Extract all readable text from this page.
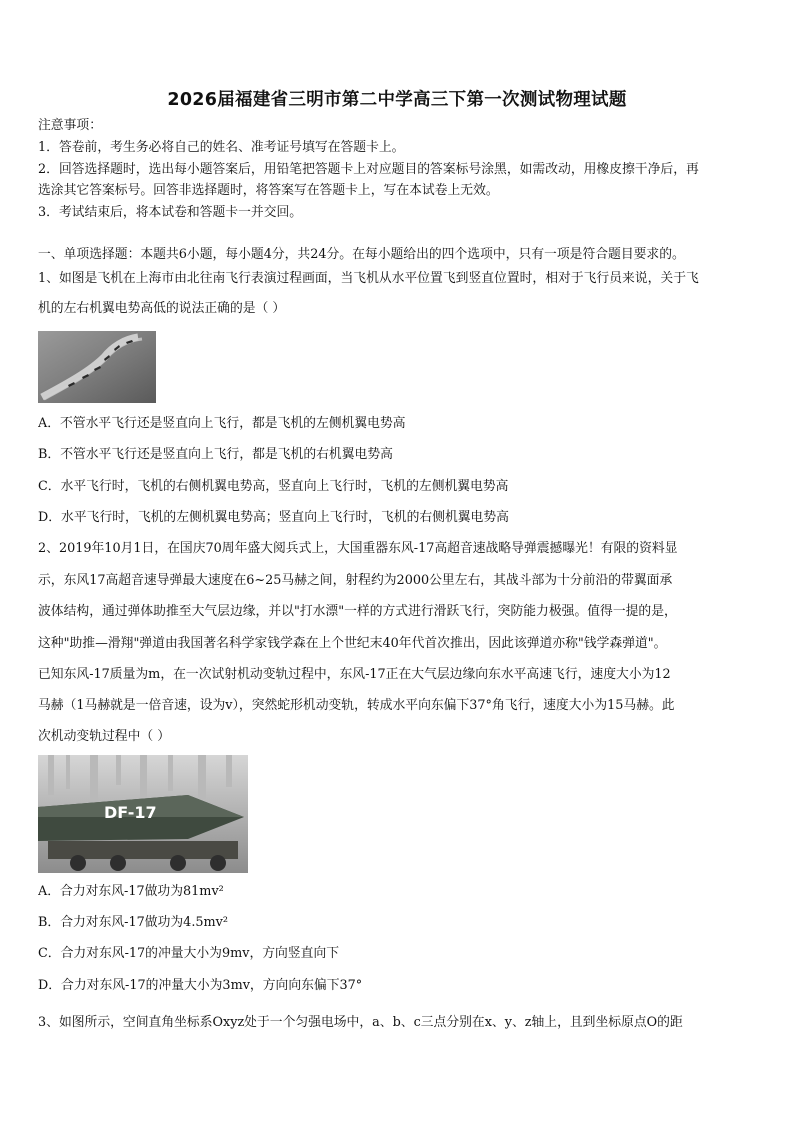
2026届福建省三明市第二中学高三下第一次测试物理试题
注意事项：
1．答卷前，考生务必将自己的姓名、准考证号填写在答题卡上。
2．回答选择题时，选出每小题答案后，用铅笔把答题卡上对应题目的答案标号涂黑，如需改动，用橡皮擦干净后，再
选涂其它答案标号。回答非选择题时，将答案写在答题卡上，写在本试卷上无效。
3．考试结束后，将本试卷和答题卡一并交回。
一、单项选择题：本题共6小题，每小题4分，共24分。在每小题给出的四个选项中，只有一项是符合题目要求的。
1、如图是飞机在上海市由北往南飞行表演过程画面，当飞机从水平位置飞到竖直位置时，相对于飞行员来说，关于飞
机的左右机翼电势高低的说法正确的是（ ）
A．不管水平飞行还是竖直向上飞行，都是飞机的左侧机翼电势高
B．不管水平飞行还是竖直向上飞行，都是飞机的右机翼电势高
C．水平飞行时，飞机的右侧机翼电势高，竖直向上飞行时，飞机的左侧机翼电势高
D．水平飞行时，飞机的左侧机翼电势高；竖直向上飞行时，飞机的右侧机翼电势高
2、2019年10月1日，在国庆70周年盛大阅兵式上，大国重器东风-17高超音速战略导弹震撼曝光！有限的资料显
示，东风17高超音速导弹最大速度在6~25马赫之间，射程约为2000公里左右，其战斗部为十分前沿的带翼面承
波体结构，通过弹体助推至大气层边缘，并以"打水漂"一样的方式进行滑跃飞行，突防能力极强。值得一提的是，
这种"助推—滑翔"弹道由我国著名科学家钱学森在上个世纪末40年代首次推出，因此该弹道亦称"钱学森弹道"。
已知东风-17质量为m，在一次试射机动变轨过程中，东风-17正在大气层边缘向东水平高速飞行，速度大小为12
马赫（1马赫就是一倍音速，设为v），突然蛇形机动变轨，转成水平向东偏下37°角飞行，速度大小为15马赫。此
次机动变轨过程中（ ）
DF-17
A．合力对东风-17做功为81mv²
B．合力对东风-17做功为4.5mv²
C．合力对东风-17的冲量大小为9mv，方向竖直向下
D．合力对东风-17的冲量大小为3mv，方向向东偏下37°
3、如图所示，空间直角坐标系Oxyz处于一个匀强电场中，a、b、c三点分别在x、y、z轴上，且到坐标原点O的距
